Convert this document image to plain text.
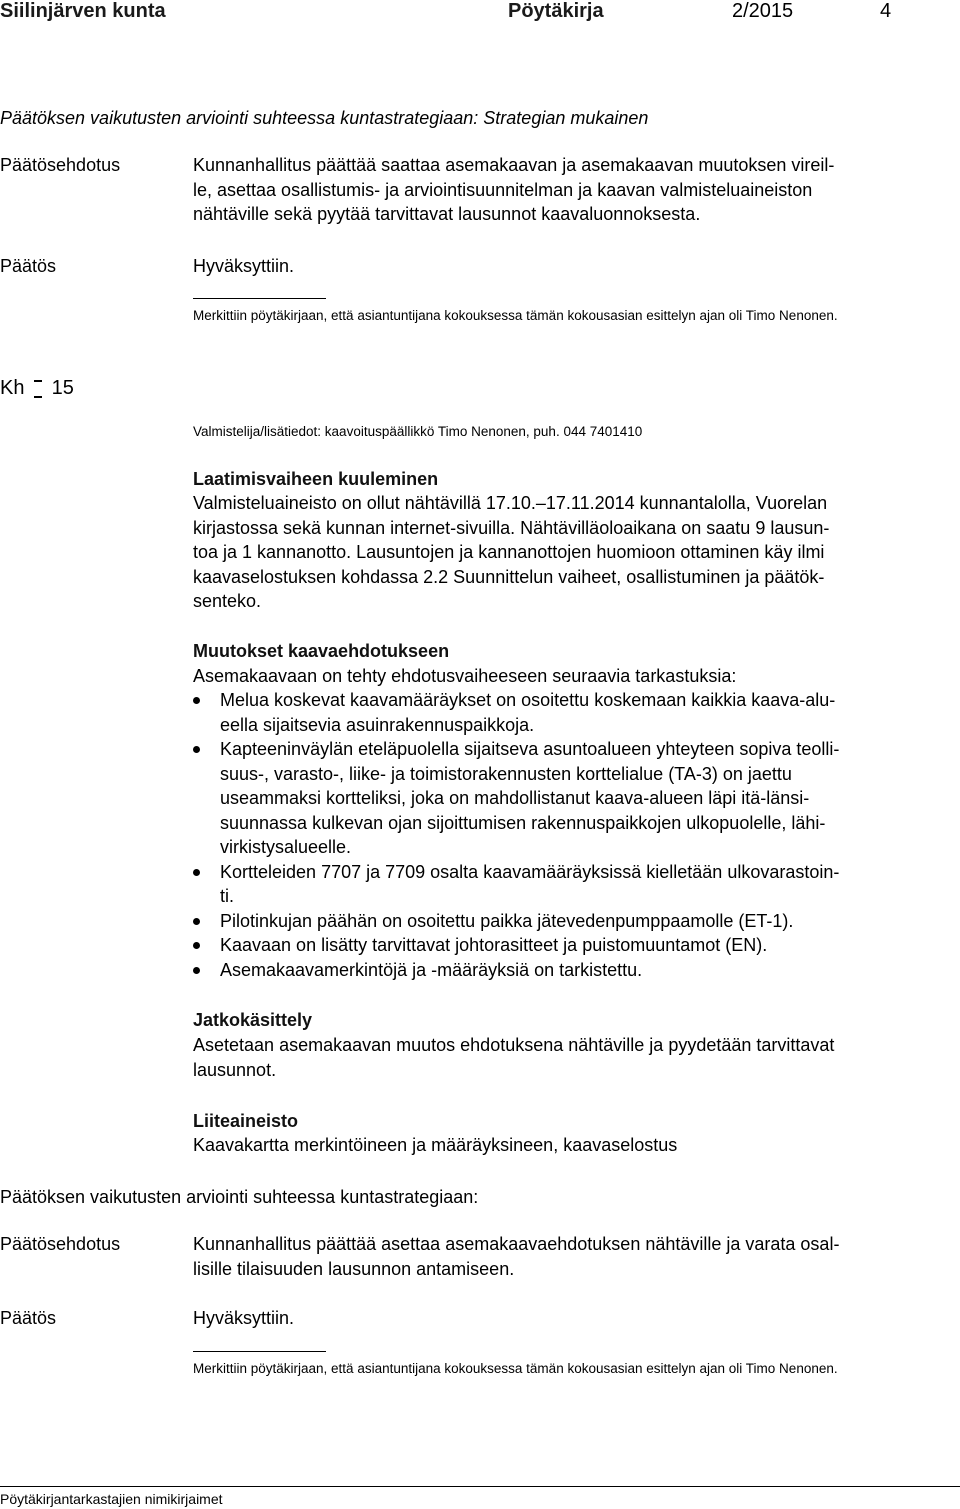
Siilinjärven kunta	Pöytäkirja	2/2015	4
Päätöksen vaikutusten arviointi suhteessa kuntastrategiaan: Strategian mukainen
Päätösehdotus	Kunnanhallitus päättää saattaa asemakaavan ja asemakaavan muutoksen vireil-
le, asettaa osallistumis- ja arviointisuunnitelman ja kaavan valmisteluaineiston
nähtäville sekä pyytää tarvittavat lausunnot kaavaluonnoksesta.
Päätös	Hyväksyttiin.
Merkittiin pöytäkirjaan, että asiantuntijana kokouksessa tämän kokousasian esittelyn ajan oli Timo Nenonen.
Kh 15
Valmistelija/lisätiedot: kaavoituspäällikkö Timo Nenonen, puh. 044 7401410
Laatimisvaiheen kuuleminen
Valmisteluaineisto on ollut nähtävillä 17.10.–17.11.2014 kunnantalolla, Vuorelan
kirjastossa sekä kunnan internet-sivuilla. Nähtävilläoloaikana on saatu 9 lausun-
toa ja 1 kannanotto. Lausuntojen ja kannanottojen huomioon ottaminen käy ilmi
kaavaselostuksen kohdassa 2.2 Suunnittelun vaiheet, osallistuminen ja päätök-
senteko.
Muutokset kaavaehdotukseen
Asemakaavaan on tehty ehdotusvaiheeseen seuraavia tarkastuksia:
Melua koskevat kaavamääräykset on osoitettu koskemaan kaikkia kaava-alu-
eella sijaitsevia asuinrakennuspaikkoja.
Kapteeninväylän eteläpuolella sijaitseva asuntoalueen yhteyteen sopiva teolli-
suus-, varasto-, liike- ja toimistorakennusten korttelialue (TA-3) on jaettu
useammaksi kortteliksi, joka on mahdollistanut kaava-alueen läpi itä-länsi-
suunnassa kulkevan ojan sijoittumisen rakennuspaikkojen ulkopuolelle, lähi-
virkistysalueelle.
Kortteleiden 7707 ja 7709 osalta kaavamääräyksissä kielletään ulkovarastoin-
ti.
Pilotinkujan päähän on osoitettu paikka jätevedenpumppaamolle (ET-1).
Kaavaan on lisätty tarvittavat johtorasitteet ja puistomuuntamot (EN).
Asemakaavamerkintöjä ja -määräyksiä on tarkistettu.
Jatkokäsittely
Asetetaan asemakaavan muutos ehdotuksena nähtäville ja pyydetään tarvittavat
lausunnot.
Liiteaineisto
Kaavakartta merkintöineen ja määräyksineen, kaavaselostus
Päätöksen vaikutusten arviointi suhteessa kuntastrategiaan:
Päätösehdotus	Kunnanhallitus päättää asettaa asemakaavaehdotuksen nähtäville ja varata osal-
lisille tilaisuuden lausunnon antamiseen.
Päätös	Hyväksyttiin.
Merkittiin pöytäkirjaan, että asiantuntijana kokouksessa tämän kokousasian esittelyn ajan oli Timo Nenonen.
Pöytäkirjantarkastajien nimikirjaimet
